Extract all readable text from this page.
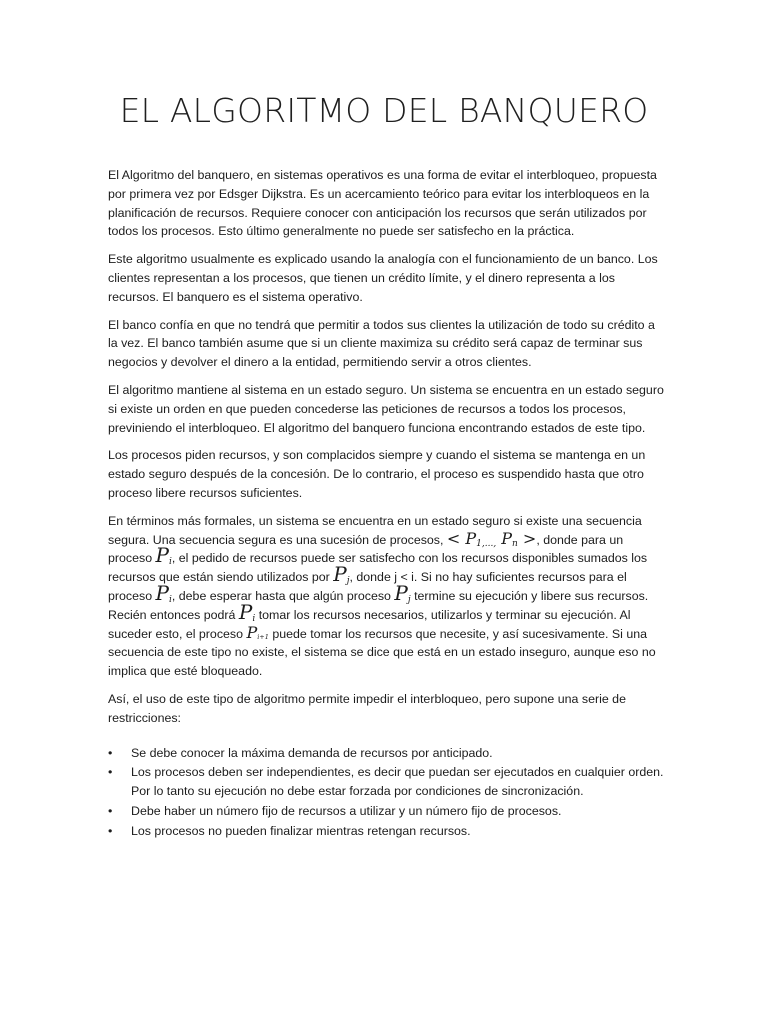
EL ALGORITMO DEL BANQUERO

El Algoritmo del banquero, en sistemas operativos es una forma de evitar el interbloqueo, propuesta por primera vez por Edsger Dijkstra. Es un acercamiento teórico para evitar los interbloqueos en la planificación de recursos. Requiere conocer con anticipación los recursos que serán utilizados por todos los procesos. Esto último generalmente no puede ser satisfecho en la práctica.

Este algoritmo usualmente es explicado usando la analogía con el funcionamiento de un banco. Los clientes representan a los procesos, que tienen un crédito límite, y el dinero representa a los recursos. El banquero es el sistema operativo.

El banco confía en que no tendrá que permitir a todos sus clientes la utilización de todo su crédito a la vez. El banco también asume que si un cliente maximiza su crédito será capaz de terminar sus negocios y devolver el dinero a la entidad, permitiendo servir a otros clientes.

El algoritmo mantiene al sistema en un estado seguro. Un sistema se encuentra en un estado seguro si existe un orden en que pueden concederse las peticiones de recursos a todos los procesos, previniendo el interbloqueo. El algoritmo del banquero funciona encontrando estados de este tipo.

Los procesos piden recursos, y son complacidos siempre y cuando el sistema se mantenga en un estado seguro después de la concesión. De lo contrario, el proceso es suspendido hasta que otro proceso libere recursos suficientes.

En términos más formales, un sistema se encuentra en un estado seguro si existe una secuencia segura. Una secuencia segura es una sucesión de procesos, < $P_{1,...,}$ $P_n$ >, donde para un proceso $P_i$, el pedido de recursos puede ser satisfecho con los recursos disponibles sumados los recursos que están siendo utilizados por $P_j$, donde j < i. Si no hay suficientes recursos para el proceso $P_i$, debe esperar hasta que algún proceso $P_j$ termine su ejecución y libere sus recursos. Recién entonces podrá $P_i$ tomar los recursos necesarios, utilizarlos y terminar su ejecución. Al suceder esto, el proceso Pi+1 puede tomar los recursos que necesite, y así sucesivamente. Si una secuencia de este tipo no existe, el sistema se dice que está en un estado inseguro, aunque eso no implica que esté bloqueado.

Así, el uso de este tipo de algoritmo permite impedir el interbloqueo, pero supone una serie de restricciones:

• Se debe conocer la máxima demanda de recursos por anticipado.
• Los procesos deben ser independientes, es decir que puedan ser ejecutados en cualquier orden. Por lo tanto su ejecución no debe estar forzada por condiciones de sincronización.
• Debe haber un número fijo de recursos a utilizar y un número fijo de procesos.
• Los procesos no pueden finalizar mientras retengan recursos.
